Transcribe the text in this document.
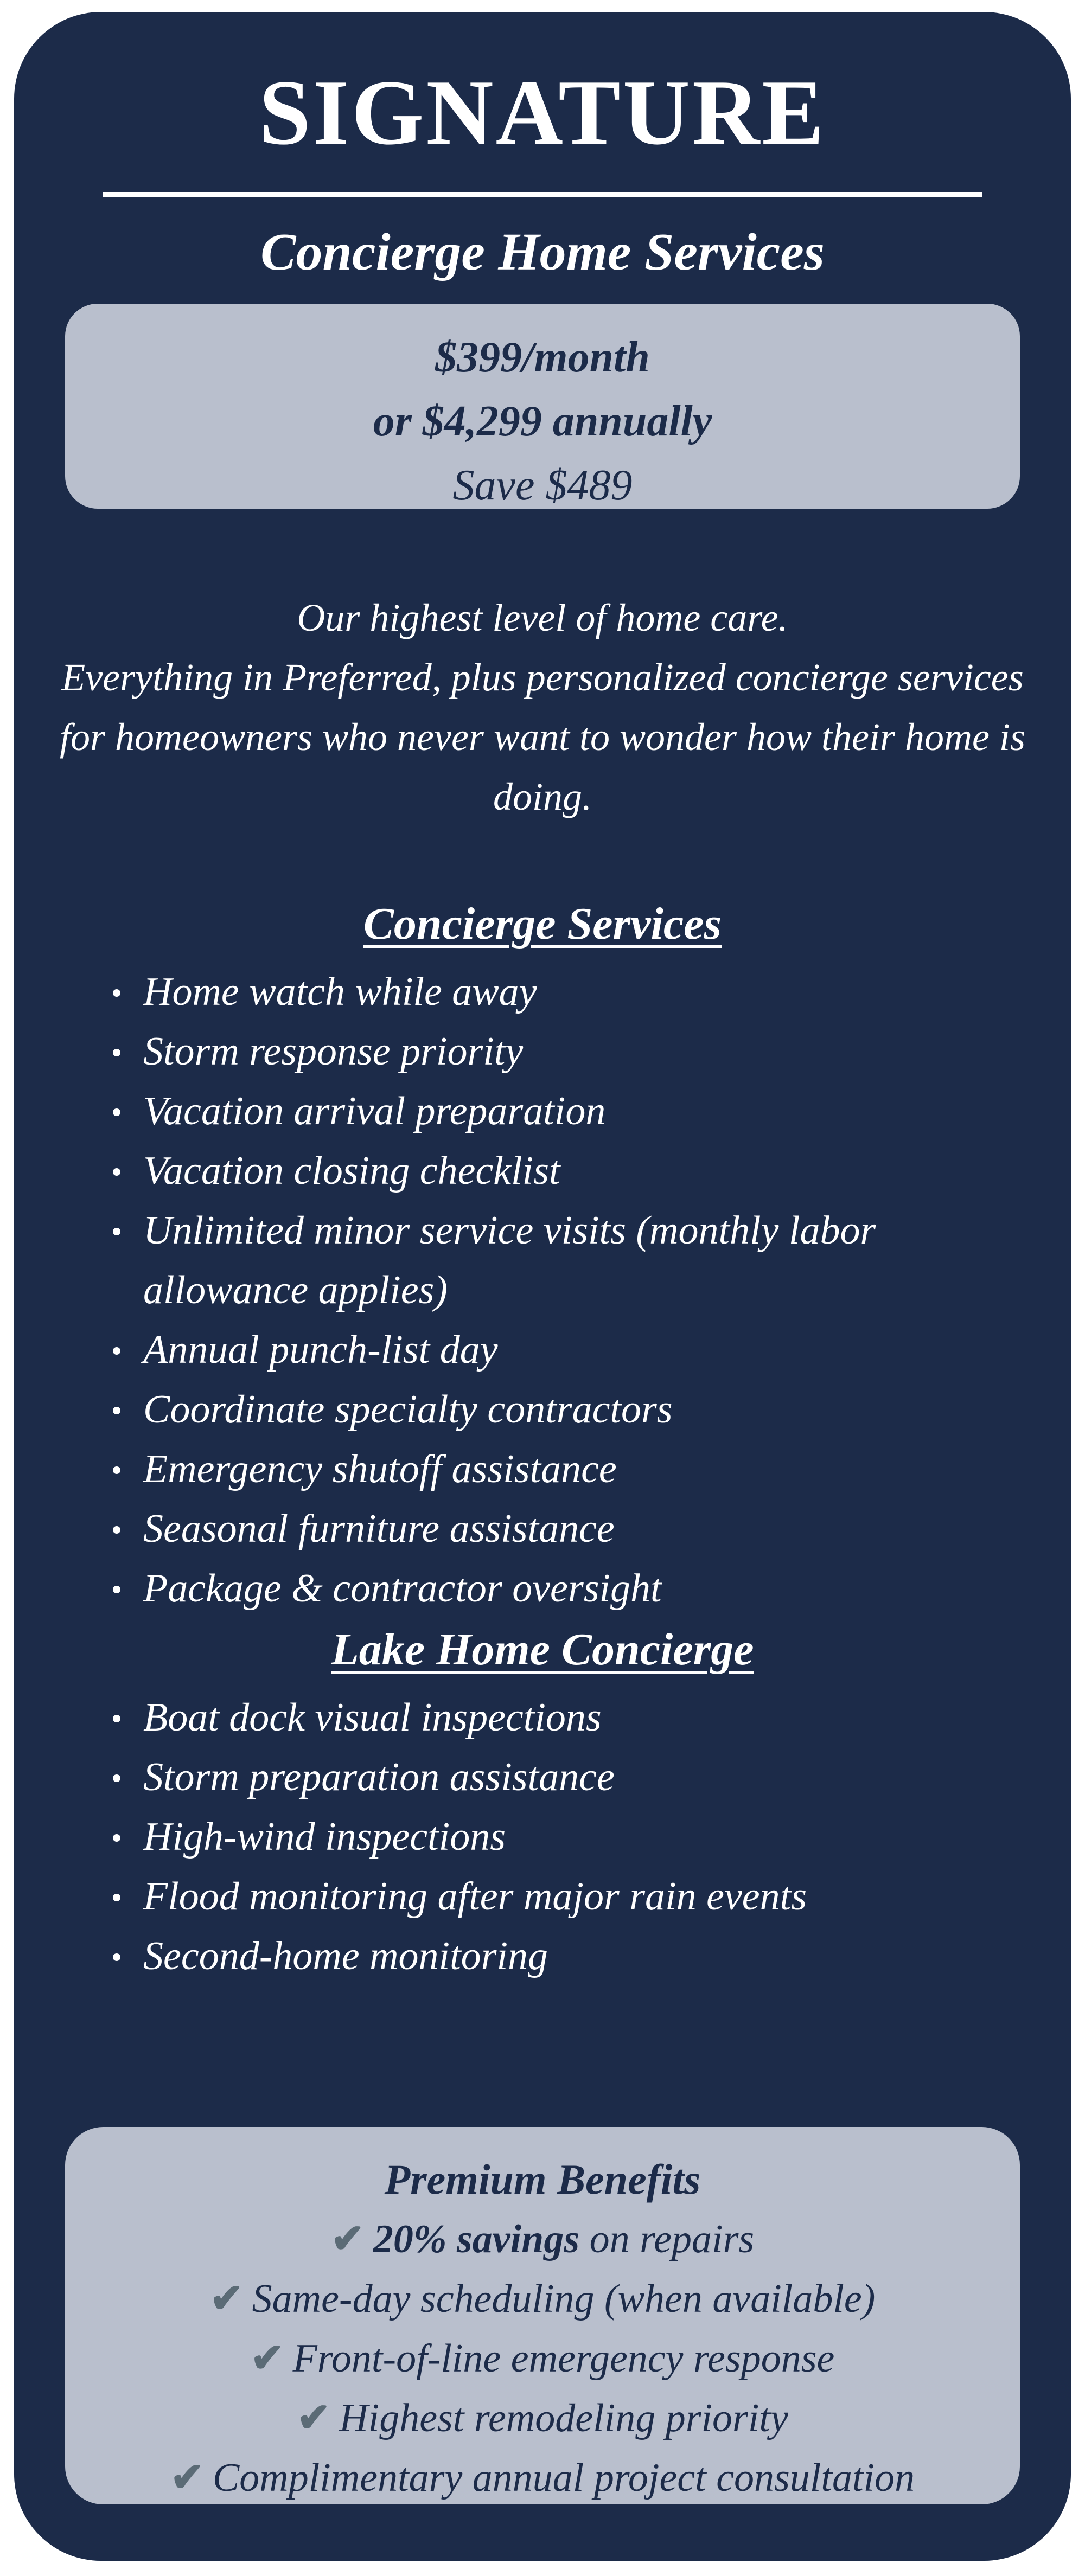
SIGNATURE
Concierge Home Services
$399/month
or $4,299 annually
Save $489
Our highest level of home care.
Everything in Preferred, plus personalized concierge services for homeowners who never want to wonder how their home is doing.
Concierge Services
Home watch while away
Storm response priority
Vacation arrival preparation
Vacation closing checklist
Unlimited minor service visits (monthly labor allowance applies)
Annual punch-list day
Coordinate specialty contractors
Emergency shutoff assistance
Seasonal furniture assistance
Package & contractor oversight
Lake Home Concierge
Boat dock visual inspections
Storm preparation assistance
High-wind inspections
Flood monitoring after major rain events
Second-home monitoring
Premium Benefits
✔ 20% savings on repairs
✔ Same-day scheduling (when available)
✔ Front-of-line emergency response
✔ Highest remodeling priority
✔ Complimentary annual project consultation
